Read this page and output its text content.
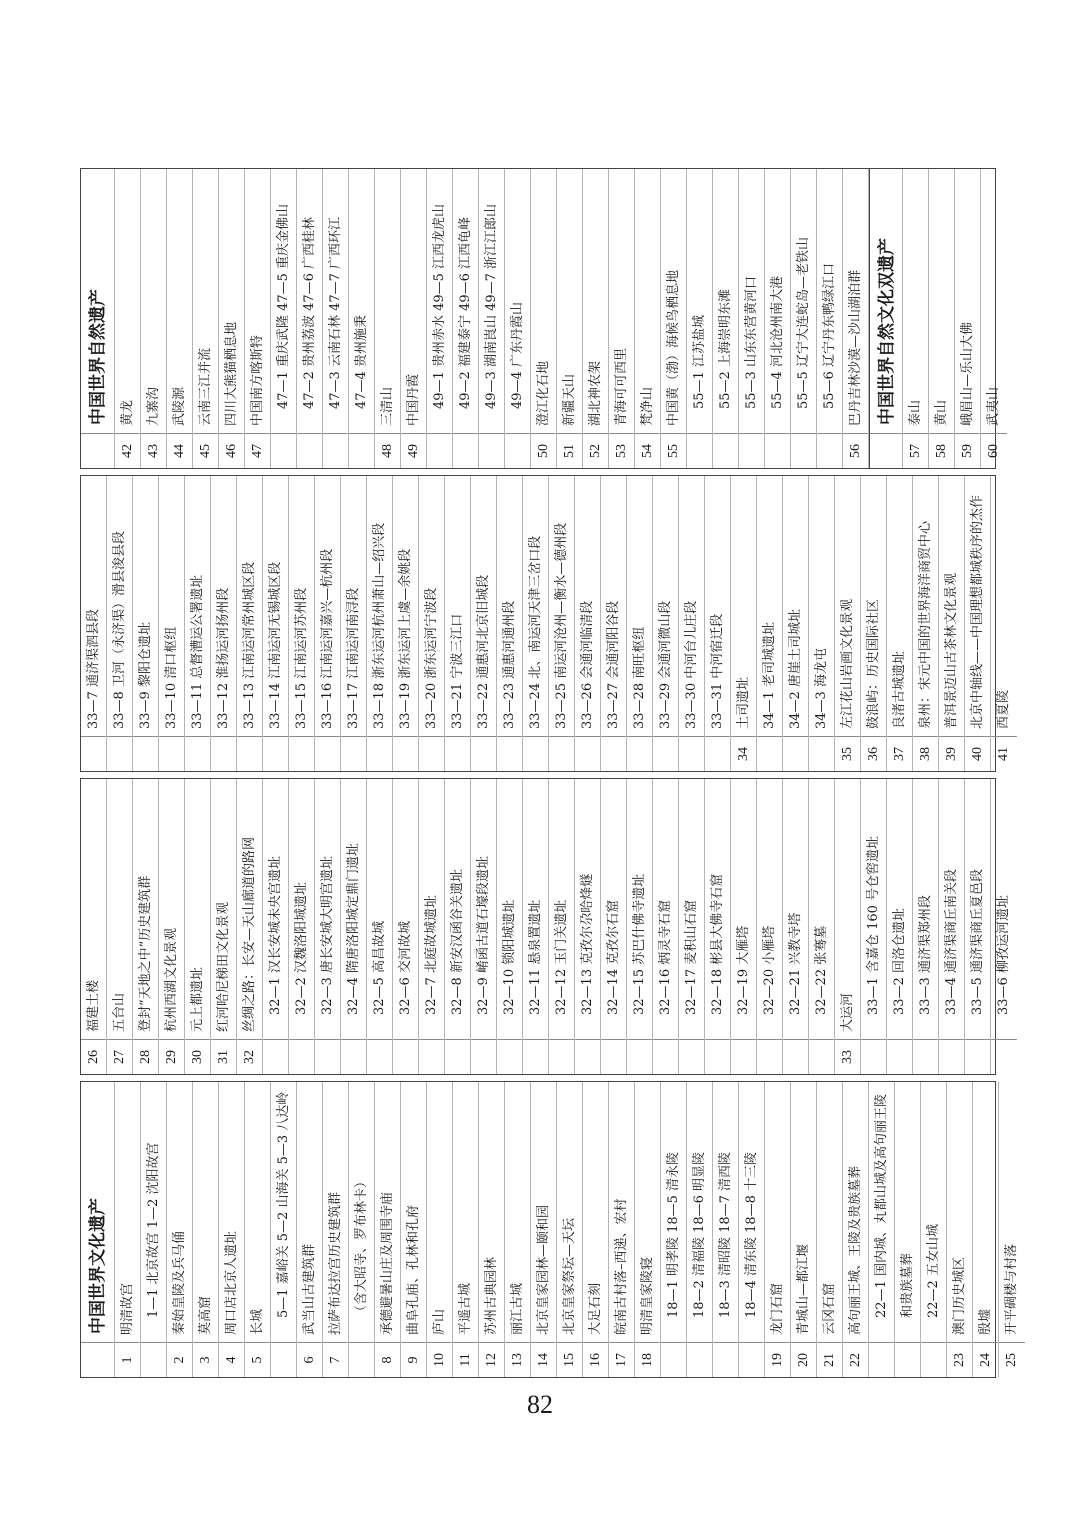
中国世界文化遗产
1
明清故宫 1—1 北京故宫 1—2 沈阳故宫
2
秦始皇陵及兵马俑
3
莫高窟
4
周口店北京人遗址
5
长城
5—1 嘉峪关 5—2 山海关 5—3 八达岭
6
武当山古建筑群
7
拉萨布达拉宫历史建筑群 （含大昭寺、罗布林卡）
8
承德避暑山庄及周围寺庙
9
曲阜孔庙、孔林和孔府
10
庐山
11
平遥古城
12
苏州古典园林
13
丽江古城
14
北京皇家园林—颐和园
15
北京皇家祭坛—天坛
16
大足石刻
17
皖南古村落–西递、宏村
18
明清皇家陵寝 18—1 明孝陵 18—5 清永陵 18—2 清福陵 18—6 明显陵 18—3 清昭陵 18—7 清西陵 18—4 清东陵 18—8 十三陵
19
龙门石窟
20
青城山—都江堰
21
云冈石窟
22
高句丽王城、王陵及贵族墓葬 22—1 国内城、丸都山城及高句丽王陵 和贵族墓葬 22—2 五女山城
23
澳门历史城区
24
殷墟
25
开平碉楼与村落
26
福建土楼
27
五台山
28
登封“天地之中”历史建筑群
29
杭州西湖文化景观
30
元上都遗址
31
红河哈尼梯田文化景观
32
丝绸之路：长安—天山廊道的路网 32—1 汉长安城未央宫遗址 32—2 汉魏洛阳城遗址 32—3 唐长安城大明宫遗址 32—4 隋唐洛阳城定鼎门遗址 32—5 高昌故城 32—6 交河故城 32—7 北庭故城遗址 32—8 新安汉函谷关遗址 32—9 崤函古道石壕段遗址 32—10 锁阳城遗址 32—11 悬泉置遗址 32—12 玉门关遗址 32—13 克孜尔尕哈烽燧 32—14 克孜尔石窟 32—15 苏巴什佛寺遗址 32—16 炳灵寺石窟 32—17 麦积山石窟 32—18 彬县大佛寺石窟 32—19 大雁塔 32—20 小雁塔 32—21 兴教寺塔 32—22 张骞墓
33
大运河 33—1 含嘉仓 160 号仓窖遗址 33—2 回洛仓遗址 33—3 通济渠郑州段 33—4 通济渠商丘南关段 33—5 通济渠商丘夏邑段 33—6 柳孜运河遗址
33—7 通济渠泗县段 33—8 卫河（永济渠）滑县浚县段 33—9 黎阳仓遗址 33—10 清口枢纽 33—11 总督漕运公署遗址 33—12 淮扬运河扬州段 33—13 江南运河常州城区段 33—14 江南运河无锡城区段 33—15 江南运河苏州段 33—16 江南运河嘉兴—杭州段 33—17 江南运河南浔段 33—18 浙东运河杭州萧山—绍兴段 33—19 浙东运河上虞—余姚段 33—20 浙东运河宁波段 33—21 宁波三江口 33—22 通惠河北京旧城段 33—23 通惠河通州段 33—24 北、南运河天津三岔口段 33—25 南运河沧州—衡水—德州段 33—26 会通河临清段 33—27 会通河阳谷段 33—28 南旺枢纽 33—29 会通河微山段 33—30 中河台儿庄段 33—31 中河宿迁段
34
土司遗址 34—1 老司城遗址 34—2 唐崖土司城址 34—3 海龙屯
35
左江花山岩画文化景观
36
鼓浪屿：历史国际社区
37
良渚古城遗址
38
泉州：宋元中国的世界海洋商贸中心
39
普洱景迈山古茶林文化景观
40
北京中轴线——中国理想都城秩序的杰作
41
西夏陵
中国世界自然遗产
42
黄龙
43
九寨沟
44
武陵源
45
云南三江并流
46
四川大熊猫栖息地
47
中国南方喀斯特 47—1 重庆武隆 47—5 重庆金佛山 47—2 贵州荔波 47—6 广西桂林 47—3 云南石林 47—7 广西环江 47—4 贵州施秉
48
三清山
49
中国丹霞 49—1 贵州赤水 49—5 江西龙虎山 49—2 福建泰宁 49—6 江西龟峰 49—3 湖南崀山 49—7 浙江江郎山 49—4 广东丹霞山
50
澄江化石地
51
新疆天山
52
湖北神农架
53
青海可可西里
54
梵净山
55
中国黄（渤）海候鸟栖息地 55—1 江苏盐城 55—2 上海崇明东滩 55—3 山东东营黄河口 55—4 河北沧州南大港 55—5 辽宁大连蛇岛—老铁山 55—6 辽宁丹东鸭绿江口
56
巴丹吉林沙漠—沙山湖泊群 中国世界自然文化双遗产
57
泰山
58
黄山
59
峨眉山—乐山大佛
60
武夷山
82
